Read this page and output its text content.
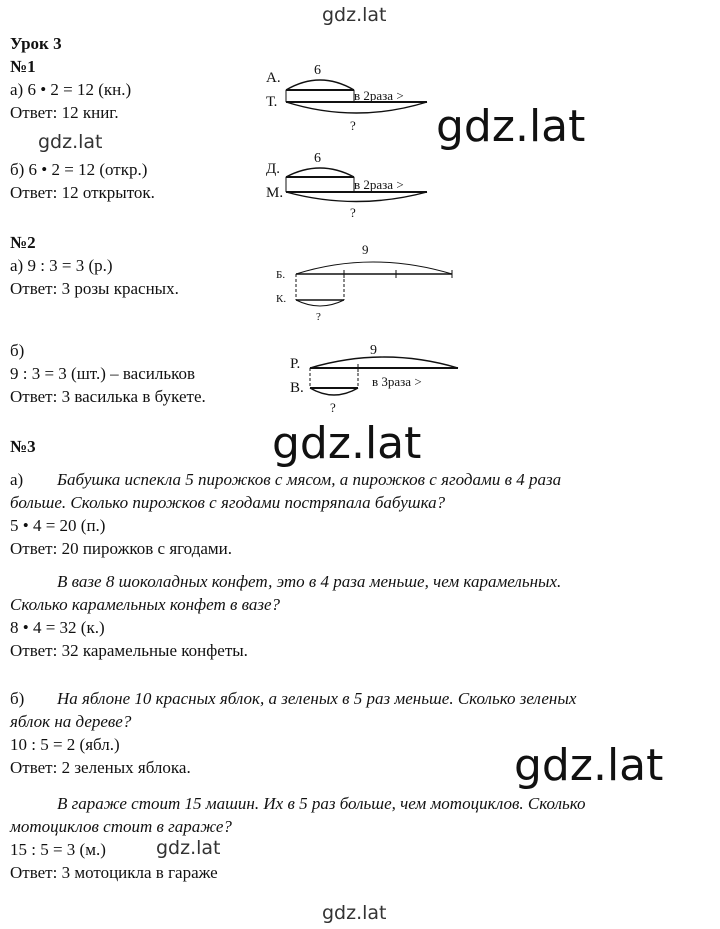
gdz.lat
gdz.lat	gdz.lat
gdz.lat
gdz.lat
gdz.lat
gdz.lat
Урок 3
№1
а) 6 • 2 = 12 (кн.)
Ответ: 12 книг.
б) 6 • 2 = 12 (откр.)
Ответ: 12 открыток.
А.
Т.
6
в 2раза >
?
Д.
М.
6
в 2раза >
?
№2
а) 9 : 3 = 3 (р.)
Ответ: 3 розы красных.
б)
9 : 3 = 3 (шт.) – васильков
Ответ: 3 василька в букете.
Б.
К.
9
?
Р.
В.
9
в 3раза >
?
№3
а) Бабушка испекла 5 пирожков с мясом, а пирожков с ягодами в 4 раза
больше. Сколько пирожков с ягодами постряпала бабушка?
5 • 4 = 20 (п.)
Ответ: 20 пирожков с ягодами.
В вазе 8 шоколадных конфет, это в 4 раза меньше, чем карамельных.
Сколько карамельных конфет в вазе?
8 • 4 = 32 (к.)
Ответ: 32 карамельные конфеты.
б) На яблоне 10 красных яблок, а зеленых в 5 раз меньше. Сколько зеленых
яблок на дереве?
10 : 5 = 2 (ябл.)
Ответ: 2 зеленых яблока.
В гараже стоит 15 машин. Их в 5 раз больше, чем мотоциклов. Сколько
мотоциклов стоит в гараже?
15 : 5 = 3 (м.)
Ответ: 3 мотоцикла в гараже
